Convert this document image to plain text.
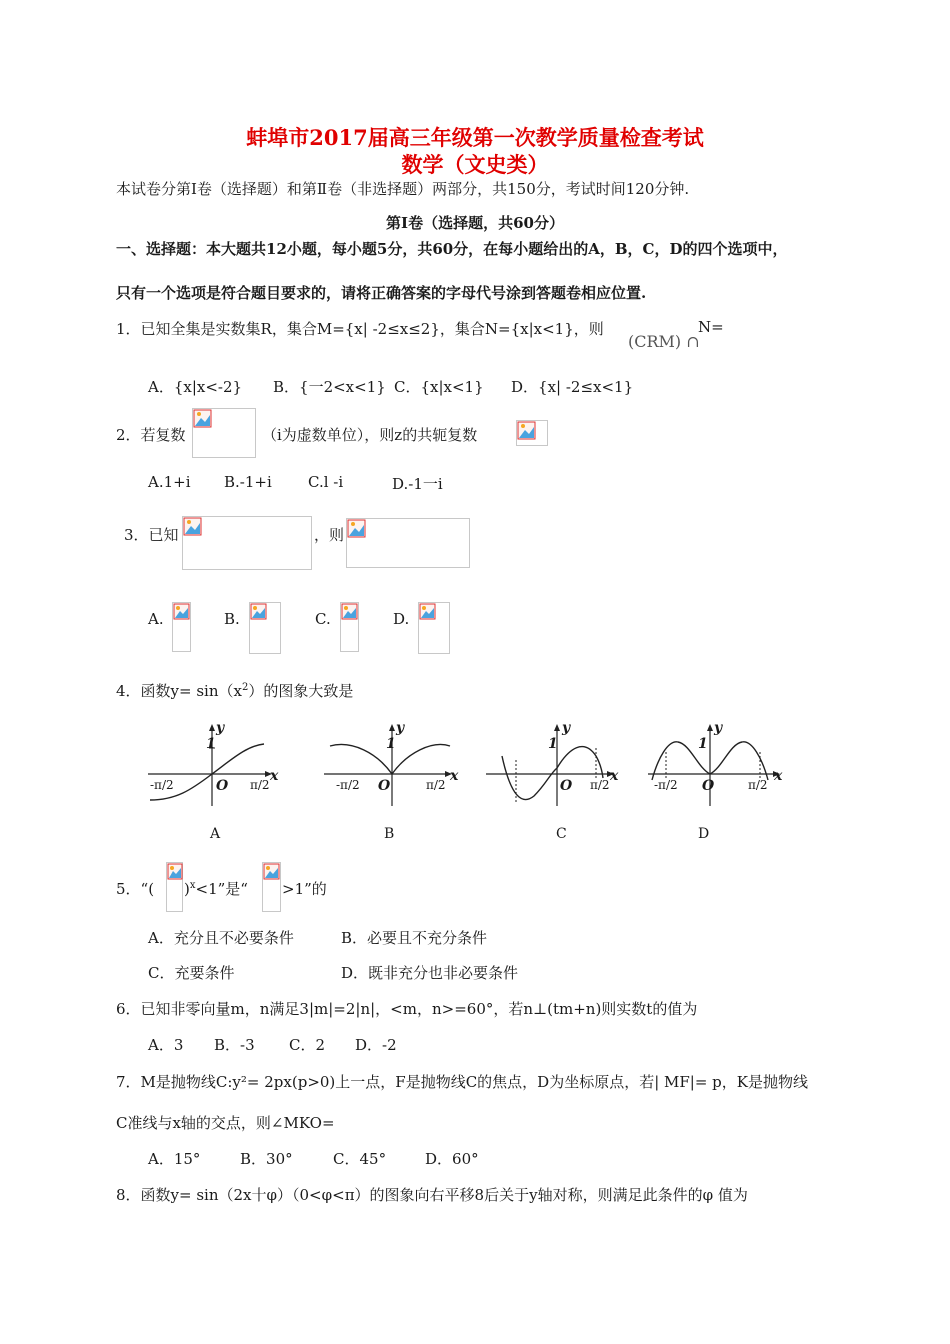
蚌埠市2017届高三年级第一次教学质量检查考试
数学（文史类）
本试卷分第Ⅰ卷（选择题）和第Ⅱ卷（非选择题）两部分，共150分，考试时间120分钟.
第Ⅰ卷（选择题，共60分）
一、选择题：本大题共12小题，每小题5分，共60分，在每小题给出的A，B，C，D的四个选项中，
只有一个选项是符合题目要求的，请将正确答案的字母代号涂到答题卷相应位置.
1．已知全集是实数集R，集合M={x| -2≤x≤2}，集合N={x|x<1}，则
(CRM) ∩
N=
A．{x|x<-2} B．{一2<x<1} C．{x|x<1} D．{x| -2≤x<1}
2．若复数	（i为虚数单位），则z的共轭复数
A.1+i B.-1+i C.l -i	D.-1一i
3．已知	，则
A.	B.	C.	D.
4．函数$y= \sin(x^2)$的图象大致是
1
y
x
O
-π/2	π/2
A
1
y
x
O
-π/2	π/2
B
1
y
x
O π/2
C
1
y
x
O
-π/2	π/2
D
5．“( )$^x$<1”是“ >1”的
A．充分且不必要条件	B．必要且不充分条件
C．充要条件	D．既非充分也非必要条件
6．已知非零向量m，n满足3|m|=2|n|，<m，n>=60°，若n⊥(tm+n)则实数t的值为
A．3 B．-3 C．2 D．-2
7．M是抛物线C:y²= 2px(p>0)上一点，F是抛物线C的焦点，D为坐标原点，若| MF|= p，K是抛物线
C准线与x轴的交点，则∠MKO=
A．15°	B．30°	C．45°	D．60°
8．函数y= sin（2x十φ）（0<φ<π）的图象向右平移8后关于y轴对称，则满足此条件的φ 值为
